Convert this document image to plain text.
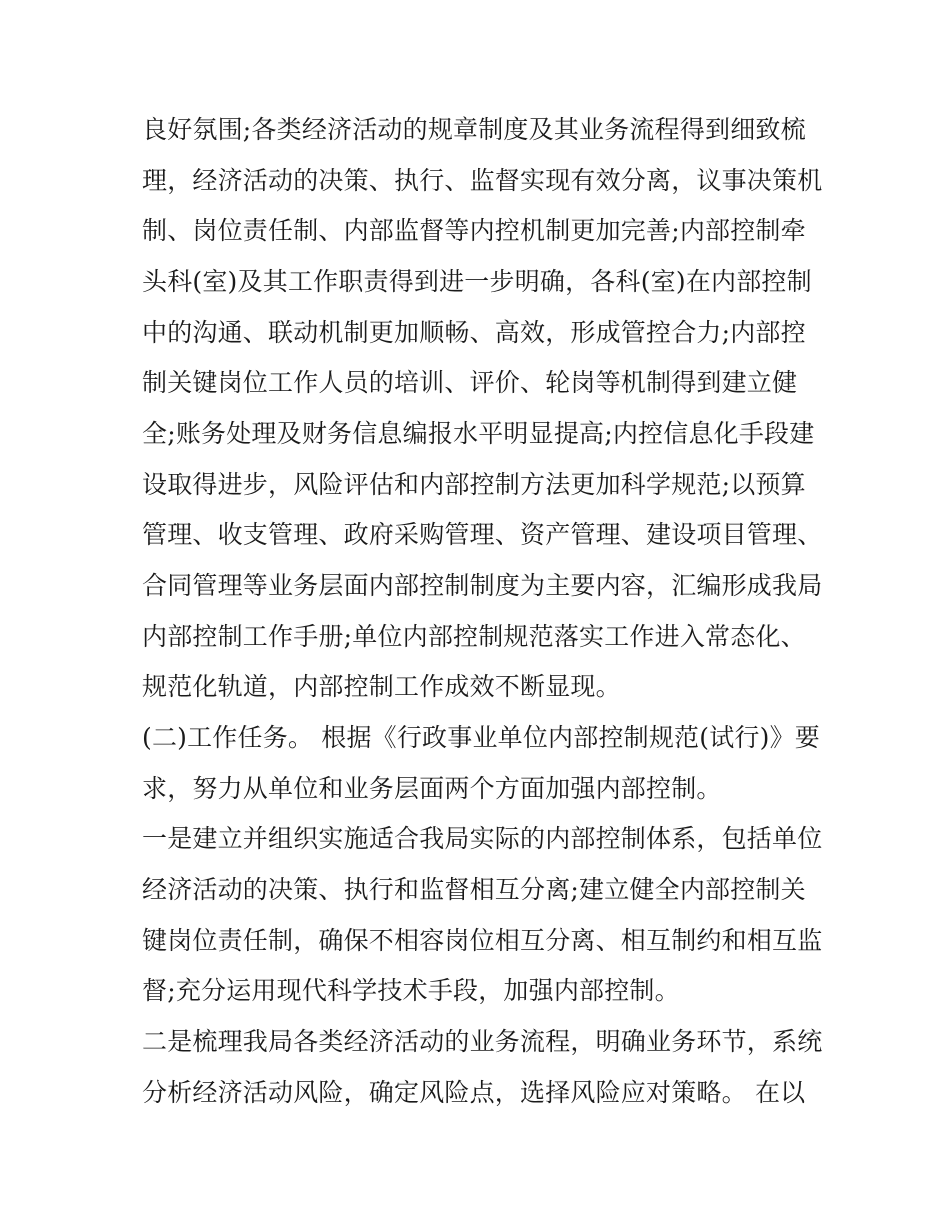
良好氛围;各类经济活动的规章制度及其业务流程得到细致梳
理，经济活动的决策、执行、监督实现有效分离，议事决策机
制、岗位责任制、内部监督等内控机制更加完善;内部控制牵
头科(室)及其工作职责得到进一步明确，各科(室)在内部控制
中的沟通、联动机制更加顺畅、高效，形成管控合力;内部控
制关键岗位工作人员的培训、评价、轮岗等机制得到建立健
全;账务处理及财务信息编报水平明显提高;内控信息化手段建
设取得进步，风险评估和内部控制方法更加科学规范;以预算
管理、收支管理、政府采购管理、资产管理、建设项目管理、
合同管理等业务层面内部控制制度为主要内容，汇编形成我局
内部控制工作手册;单位内部控制规范落实工作进入常态化、
规范化轨道，内部控制工作成效不断显现。
(二)工作任务。 根据《行政事业单位内部控制规范(试行)》要
求，努力从单位和业务层面两个方面加强内部控制。
一是建立并组织实施适合我局实际的内部控制体系，包括单位
经济活动的决策、执行和监督相互分离;建立健全内部控制关
键岗位责任制，确保不相容岗位相互分离、相互制约和相互监
督;充分运用现代科学技术手段，加强内部控制。
二是梳理我局各类经济活动的业务流程，明确业务环节，系统
分析经济活动风险，确定风险点，选择风险应对策略。 在以
